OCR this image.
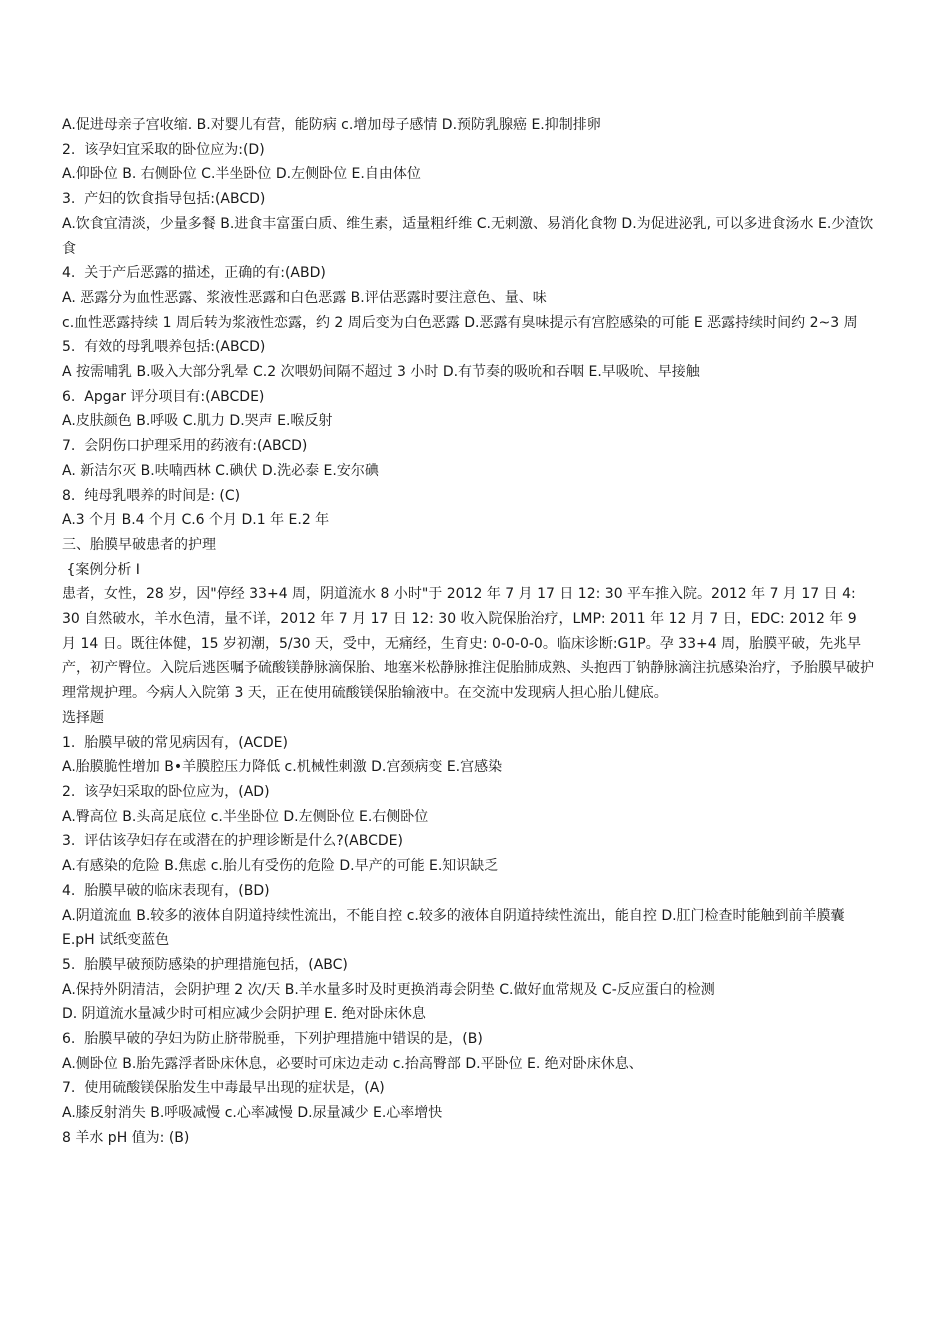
A.促进母亲子宫收缩. B.对婴儿有营，能防病 c.增加母子感情 D.预防乳腺癌 E.抑制排卵
2.  该孕妇宜采取的卧位应为:(D)
A.仰卧位 B. 右侧卧位 C.半坐卧位 D.左侧卧位 E.自由体位
3.  产妇的饮食指导包括:(ABCD)
A.饮食宜清淡，少量多餐 B.进食丰富蛋白质、维生素，适量粗纤维 C.无刺激、易消化食物 D.为促进泌乳, 可以多进食汤水 E.少渣饮食
4.  关于产后恶露的描述，正确的有:(ABD)
A. 恶露分为血性恶露、浆液性恶露和白色恶露 B.评估恶露时要注意色、量、味
c.血性恶露持续 1 周后转为浆液性恋露，约 2 周后变为白色恶露 D.恶露有臭味提示有宫腔感染的可能 E 恶露持续时间约 2~3 周
5.  有效的母乳喂养包括:(ABCD)
A 按需哺乳 B.吸入大部分乳晕 C.2 次喂奶间隔不超过 3 小时 D.有节奏的吸吮和吞咽 E.早吸吮、早接触
6.  Apgar 评分项目有:(ABCDE)
A.皮肤颜色 B.呼吸 C.肌力 D.哭声 E.喉反射
7.  会阴伤口护理采用的药液有:(ABCD)
A. 新洁尔灭 B.呋喃西林 C.碘伏 D.洗必泰 E.安尔碘
8.  纯母乳喂养的时间是: (C)
A.3 个月 B.4 个月 C.6 个月 D.1 年 E.2 年
三、胎膜早破患者的护理
{案例分析 I
患者，女性，28 岁，因"停经 33+4 周，阴道流水 8 小时"于 2012 年 7 月 17 日 12: 30 平车推入院。2012 年 7 月 17 日 4: 30 自然破水，羊水色清，量不详，2012 年 7 月 17 日 12: 30 收入院保胎治疗，LMP: 2011 年 12 月 7 日，EDC: 2012 年 9 月 14 日。既往体健，15 岁初潮，5/30 天，受中，无痛经，生育史: 0-0-0-0。临床诊断:G1P。孕 33+4 周，胎膜平破，先兆早产，初产臀位。入院后逃医嘱予硫酸镁静脉滴保胎、地塞米松静脉推注促胎肺成熟、头抱西丁钠静脉滴注抗感染治疗，予胎膜早破护理常规护理。今病人入院第 3 天，正在使用硫酸镁保胎输液中。在交流中发现病人担心胎儿健底。
选择题
1.  胎膜早破的常见病因有，(ACDE)
A.胎膜脆性增加 B•羊膜腔压力降低 c.机械性刺激 D.宫颈病变 E.宫感染
2.  该孕妇采取的卧位应为，(AD)
A.臀高位 B.头高足底位 c.半坐卧位 D.左侧卧位 E.右侧卧位
3.  评估该孕妇存在或潜在的护理诊断是什么?(ABCDE)
A.有感染的危险 B.焦虑 c.胎儿有受伤的危险 D.早产的可能 E.知识缺乏
4.  胎膜早破的临床表现有，(BD)
A.阴道流血 B.较多的液体自阴道持续性流出，不能自控 c.较多的液体自阴道持续性流出，能自控 D.肛门检查时能触到前羊膜囊 E.pH 试纸变蓝色
5.  胎膜早破预防感染的护理措施包括，(ABC)
A.保持外阴清洁，会阴护理 2 次/天 B.羊水量多时及时更换消毒会阴垫 C.做好血常规及 C-反应蛋白的检测
D. 阴道流水量减少时可相应减少会阴护理 E. 绝对卧床休息
6.  胎膜早破的孕妇为防止脐带脱垂，下列护理措施中错误的是，(B)
A.侧卧位 B.胎先露浮者卧床休息，必要时可床边走动 c.抬高臀部 D.平卧位 E. 绝对卧床休息、
7.  使用硫酸镁保胎发生中毒最早出现的症状是，(A)
A.膝反射消失 B.呼吸减慢 c.心率减慢 D.尿量减少 E.心率增快
8 羊水 pH 值为: (B)
